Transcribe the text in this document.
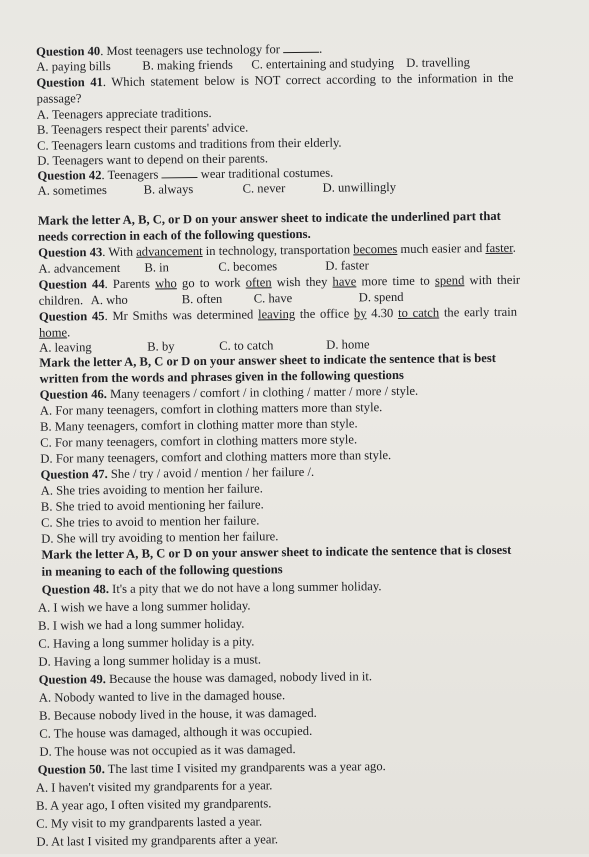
Question 40. Most teenagers use technology for	.
A. paying bills B. making friends C. entertaining and studying D. travelling
Question 41. Which statement below is NOT correct according to the information in the
passage?
A. Teenagers appreciate traditions.
B. Teenagers respect their parents' advice.
C. Teenagers learn customs and traditions from their elderly.
D. Teenagers want to depend on their parents.
Question 42. Teenagers	wear traditional costumes.
A. sometimes	B. always	C. never	D. unwillingly
Mark the letter A, B, C, or D on your answer sheet to indicate the underlined part that
needs correction in each of the following questions.
Question 43. With advancement in technology, transportation becomes much easier and faster.
A. advancement B. in	C. becomes	D. faster
Question 44. Parents who go to work often wish they have more time to spend with their
children. A. who	B. often C. have	D. spend
Question 45. Mr Smiths was determined leaving the office by 4.30 to catch the early train
home.
A. leaving	B. by	C. to catch	D. home
Mark the letter A, B, C or D on your answer sheet to indicate the sentence that is best
written from the words and phrases given in the following questions
Question 46. Many teenagers / comfort / in clothing / matter / more / style.
A. For many teenagers, comfort in clothing matters more than style.
B. Many teenagers, comfort in clothing matter more than style.
C. For many teenagers, comfort in clothing matters more style.
D. For many teenagers, comfort and clothing matters more than style.
Question 47. She / try / avoid / mention / her failure /.
A. She tries avoiding to mention her failure.
B. She tried to avoid mentioning her failure.
C. She tries to avoid to mention her failure.
D. She will try avoiding to mention her failure.
Mark the letter A, B, C or D on your answer sheet to indicate the sentence that is closest
in meaning to each of the following questions
Question 48. It's a pity that we do not have a long summer holiday.
A. I wish we have a long summer holiday.
B. I wish we had a long summer holiday.
C. Having a long summer holiday is a pity.
D. Having a long summer holiday is a must.
Question 49. Because the house was damaged, nobody lived in it.
A. Nobody wanted to live in the damaged house.
B. Because nobody lived in the house, it was damaged.
C. The house was damaged, although it was occupied.
D. The house was not occupied as it was damaged.
Question 50. The last time I visited my grandparents was a year ago.
A. I haven't visited my grandparents for a year.
B. A year ago, I often visited my grandparents.
C. My visit to my grandparents lasted a year.
D. At last I visited my grandparents after a year.
